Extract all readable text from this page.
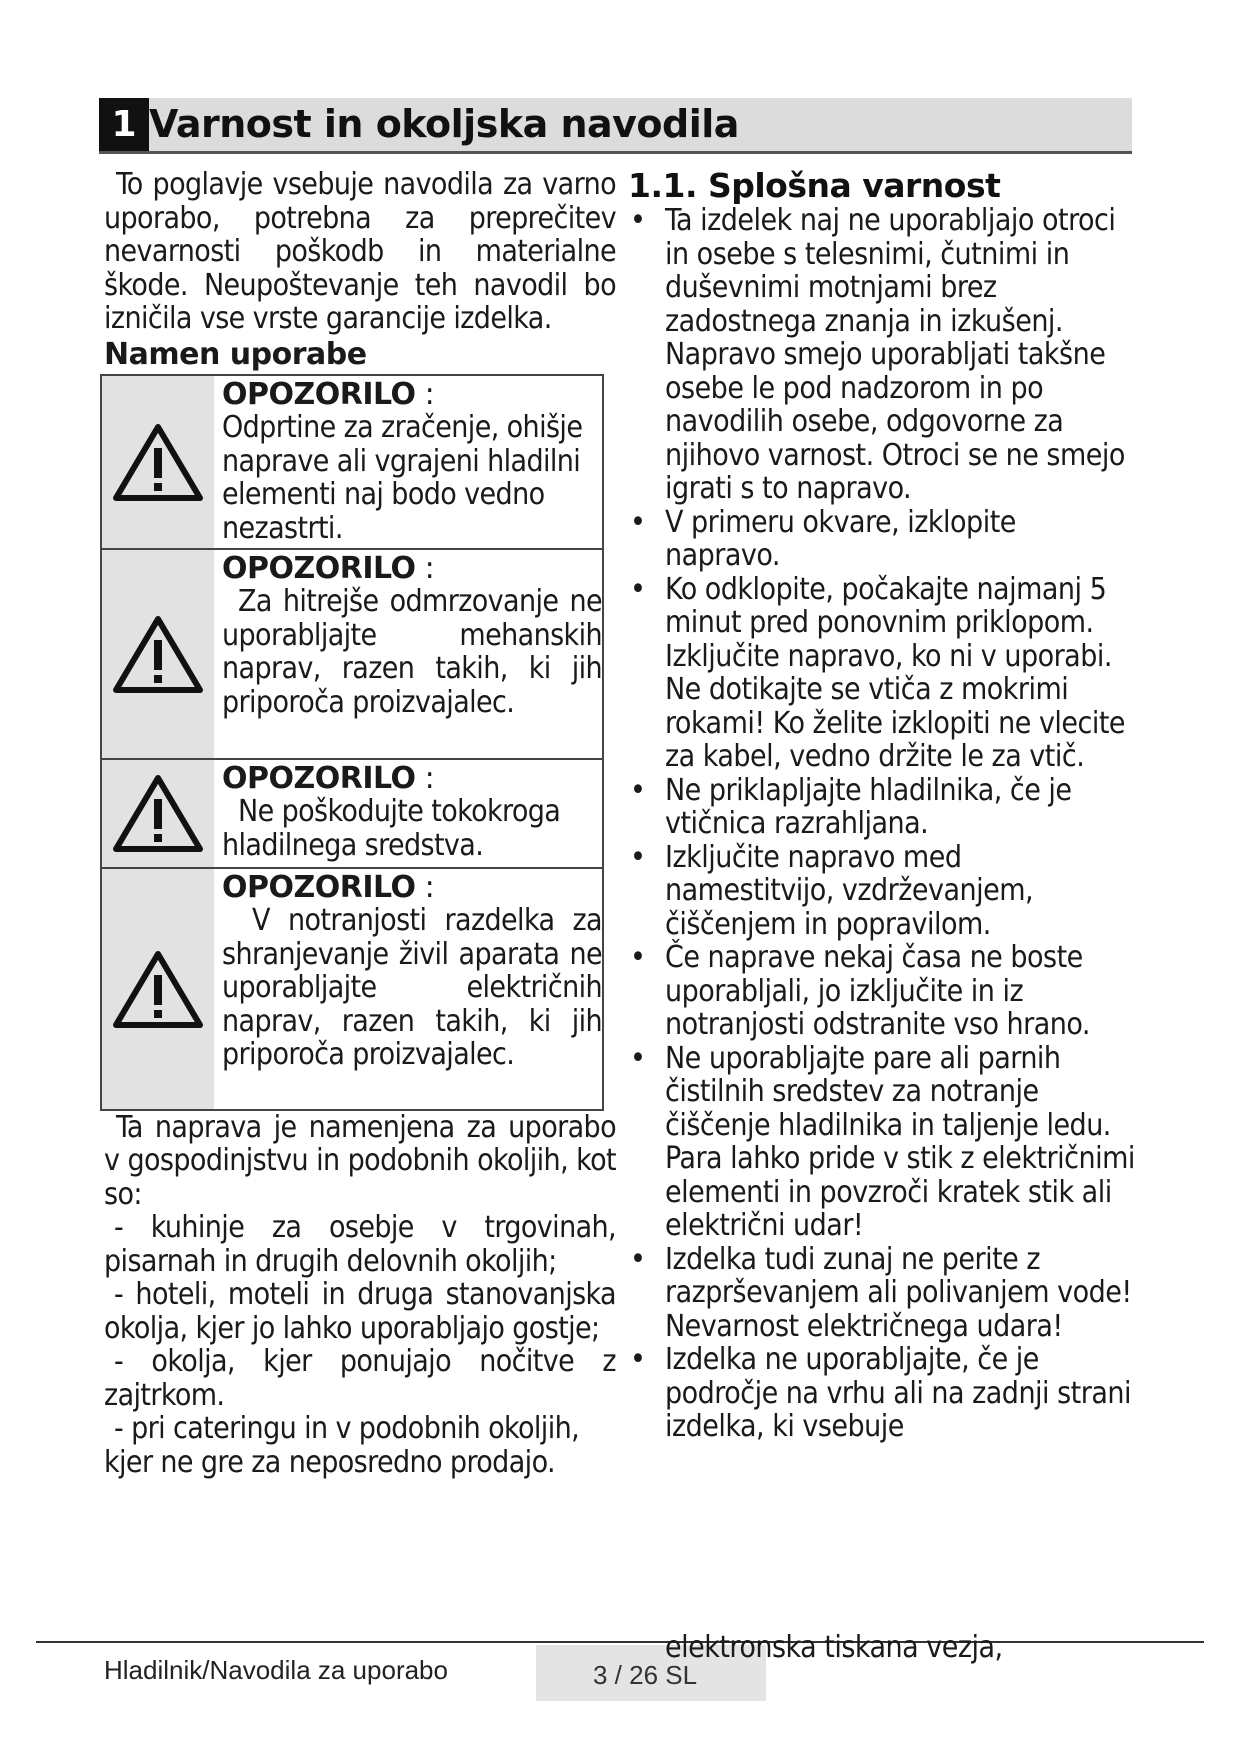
1 Varnost in okoljska navodila

To poglavje vsebuje navodila za varno uporabo, potrebna za preprečitev nevarnosti poškodb in materialne škode. Neupoštevanje teh navodil bo izničila vse vrste garancije izdelka.

Namen uporabe

OPOZORILO :
Odprtine za zračenje, ohišje naprave ali vgrajeni hladilni elementi naj bodo vedno nezastrti.
OPOZORILO :
Za hitrejše odmrzovanje ne uporabljajte mehanskih naprav, razen takih, ki jih priporoča proizvajalec.
OPOZORILO :
Ne poškodujte tokokroga hladilnega sredstva.
OPOZORILO :
V notranjosti razdelka za shranjevanje živil aparata ne uporabljajte električnih naprav, razen takih, ki jih priporoča proizvajalec.

Ta naprava je namenjena za uporabo v gospodinjstvu in podobnih okoljih, kot so:

- kuhinje za osebje v trgovinah, pisarnah in drugih delovnih okoljih;

- hoteli, moteli in druga stanovanjska okolja, kjer jo lahko uporabljajo gostje;

- okolja, kjer ponujajo nočitve z zajtrkom.

- pri cateringu in v podobnih okoljih, kjer ne gre za neposredno prodajo.

1.1. Splošna varnost

• Ta izdelek naj ne uporabljajo otroci in osebe s telesnimi, čutnimi in duševnimi motnjami brez zadostnega znanja in izkušenj. Napravo smejo uporabljati takšne osebe le pod nadzorom in po navodilih osebe, odgovorne za njihovo varnost. Otroci se ne smejo igrati s to napravo.
• V primeru okvare, izklopite napravo.
• Ko odklopite, počakajte najmanj 5 minut pred ponovnim priklopom. Izključite napravo, ko ni v uporabi. Ne dotikajte se vtiča z mokrimi rokami! Ko želite izklopiti ne vlecite za kabel, vedno držite le za vtič.
• Ne priklapljajte hladilnika, če je vtičnica razrahljana.
• Izključite napravo med namestitvijo, vzdrževanjem, čiščenjem in popravilom.
• Če naprave nekaj časa ne boste uporabljali, jo izključite in iz notranjosti odstranite vso hrano.
• Ne uporabljajte pare ali parnih čistilnih sredstev za notranje čiščenje hladilnika in taljenje ledu. Para lahko pride v stik z električnimi elementi in povzroči kratek stik ali električni udar!
• Izdelka tudi zunaj ne perite z razprševanjem ali polivanjem vode! Nevarnost električnega udara!
• Izdelka ne uporabljajte, če je področje na vrhu ali na zadnji strani izdelka, ki vsebuje
Hladilnik/Navodila za uporabo	3 / 26 SL
elektronska tiskana vezja,
